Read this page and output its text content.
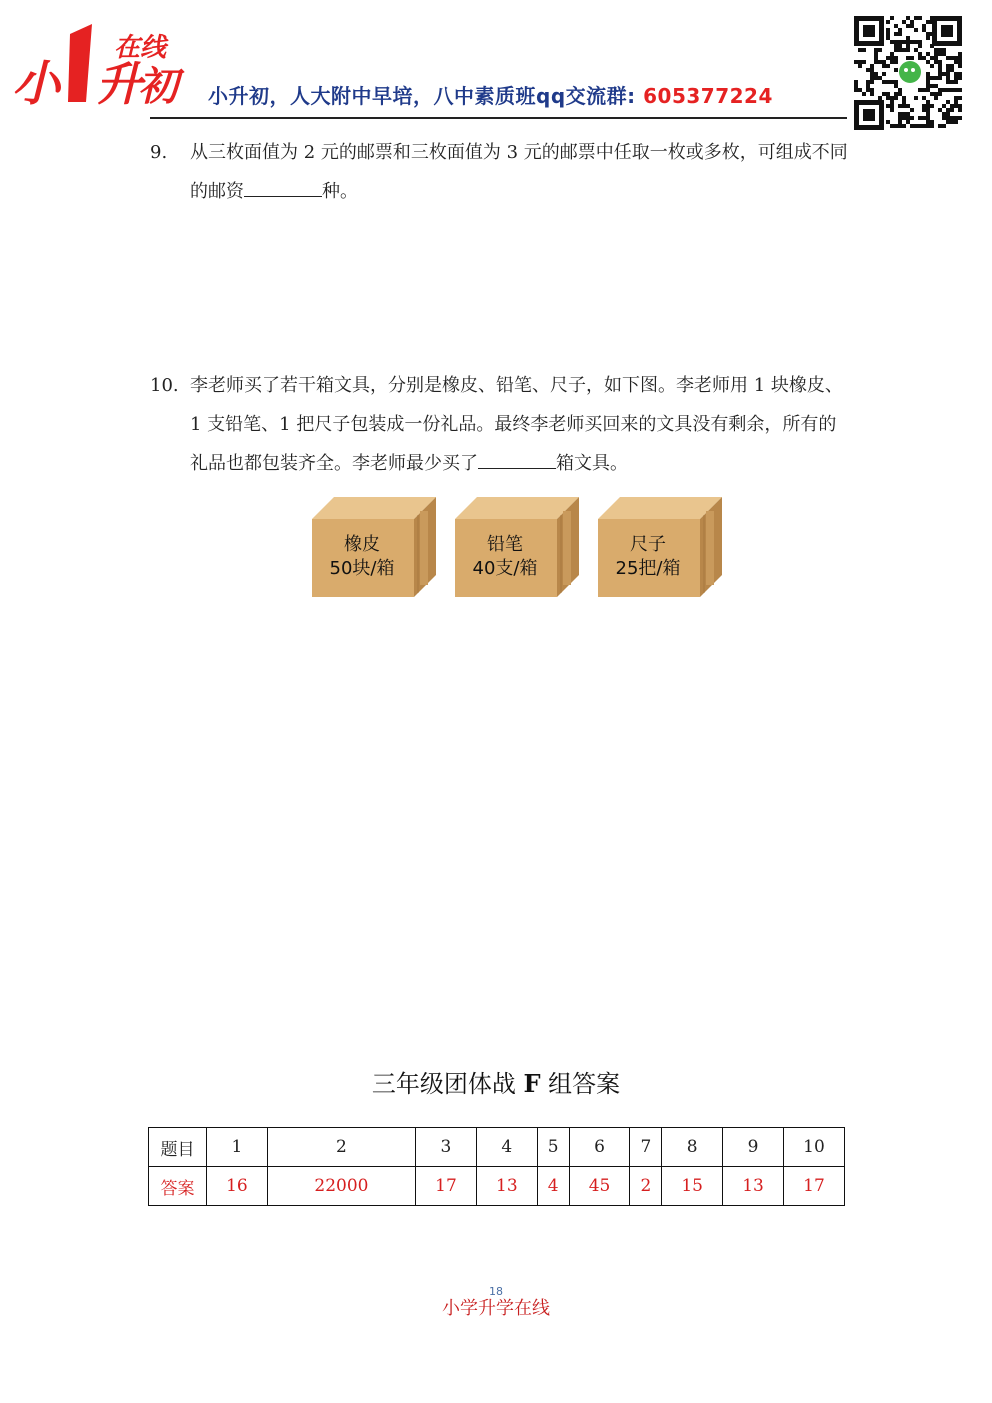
小 升
初
在线
小升初，人大附中早培，八中素质班qq交流群: 605377224
9. 从三枚面值为 2 元的邮票和三枚面值为 3 元的邮票中任取一枚或多枚，可组成不同的邮资	种。
10. 李老师买了若干箱文具，分别是橡皮、铅笔、尺子，如下图。李老师用 1 块橡皮、1 支铅笔、1 把尺子包装成一份礼品。最终李老师买回来的文具没有剩余，所有的礼品也都包装齐全。李老师最少买了	箱文具。
橡皮
50块/箱
铅笔
40支/箱
尺子
25把/箱
三年级团体战 F 组答案
题目	1	2	3	4	5	6	7	8	9	10
答案	16	22000	17	13	4	45	2	15	13	17
18
小学升学在线
